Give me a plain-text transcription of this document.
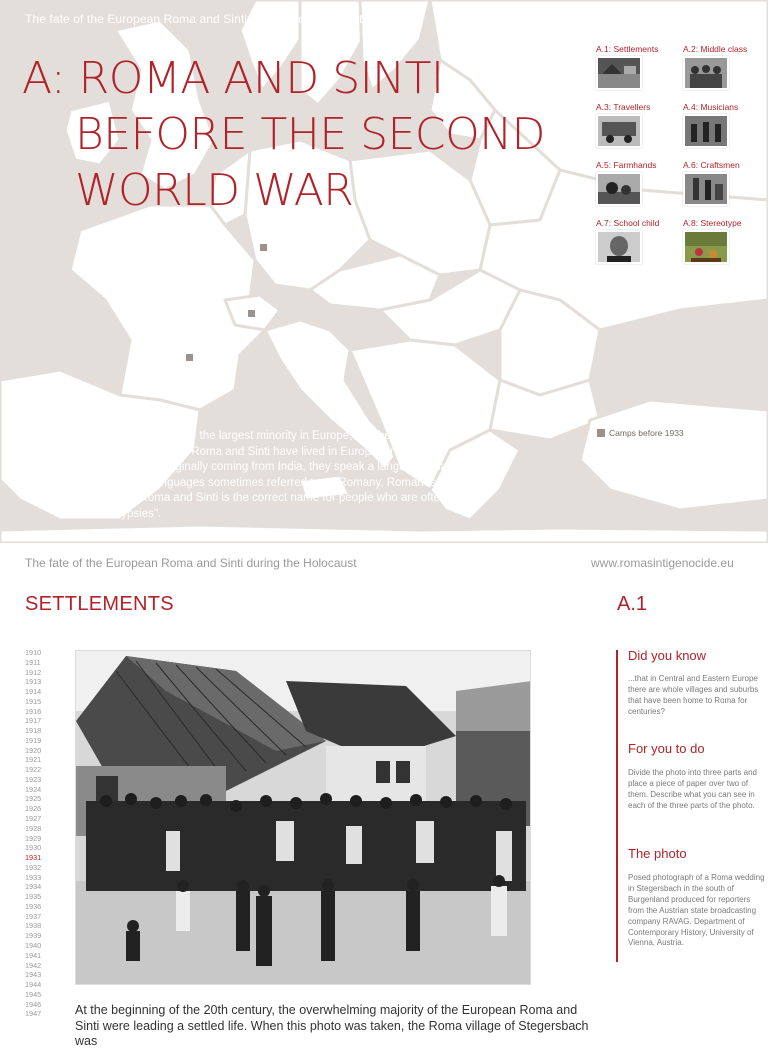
The fate of the European Roma and Sinti during the Holocaust	www.romasintigenocide.eu
A: ROMA AND SINTI
BEFORE THE SECOND
WORLD WAR
A.1: Settlements	A.2: Middle class
A.3: Travellers	A.4: Musicians
A.5: Farmhands	A.6: Craftsmen
A.7: School child	A.8: Stereotype
The Roma and Sinti are the largest minority in Europe, but they do not have a country of their own. Roma and Sinti have lived in Europe for over a thousand years. Originally coming from India, they speak a language related to other Indian languages sometimes referred to as Romany, Romanes or Sinti Tikkes. Roma and Sinti is the correct name for people who are often called "Gypsies".
Camps before 1933
The fate of the European Roma and Sinti during the Holocaust	www.romasintigenocide.eu
SETTLEMENTS	A.1
1910
1911
1912
1913
1914
1915
1916
1917
1918
1919
1920
1921
1922
1923
1924
1925
1926
1927
1928
1929
1930
1931
1932
1933
1934
1935
1936
1937
1938
1939
1940
1941
1942
1943
1944
1945
1946
1947
Did you know
...that in Central and Eastern Europe there are whole villages and suburbs that have been home to Roma for centuries?
For you to do
Divide the photo into three parts and place a piece of paper over two of them. Describe what you can see in each of the three parts of the photo.
The photo
Posed photograph of a Roma wedding in Stegersbach in the south of Burgenland produced for reporters from the Austrian state broadcasting company RAVAG. Department of Contemporary History, University of Vienna, Austria.
At the beginning of the 20th century, the overwhelming majority of the European Roma and Sinti were leading a settled life. When this photo was taken, the Roma village of Stegersbach was
